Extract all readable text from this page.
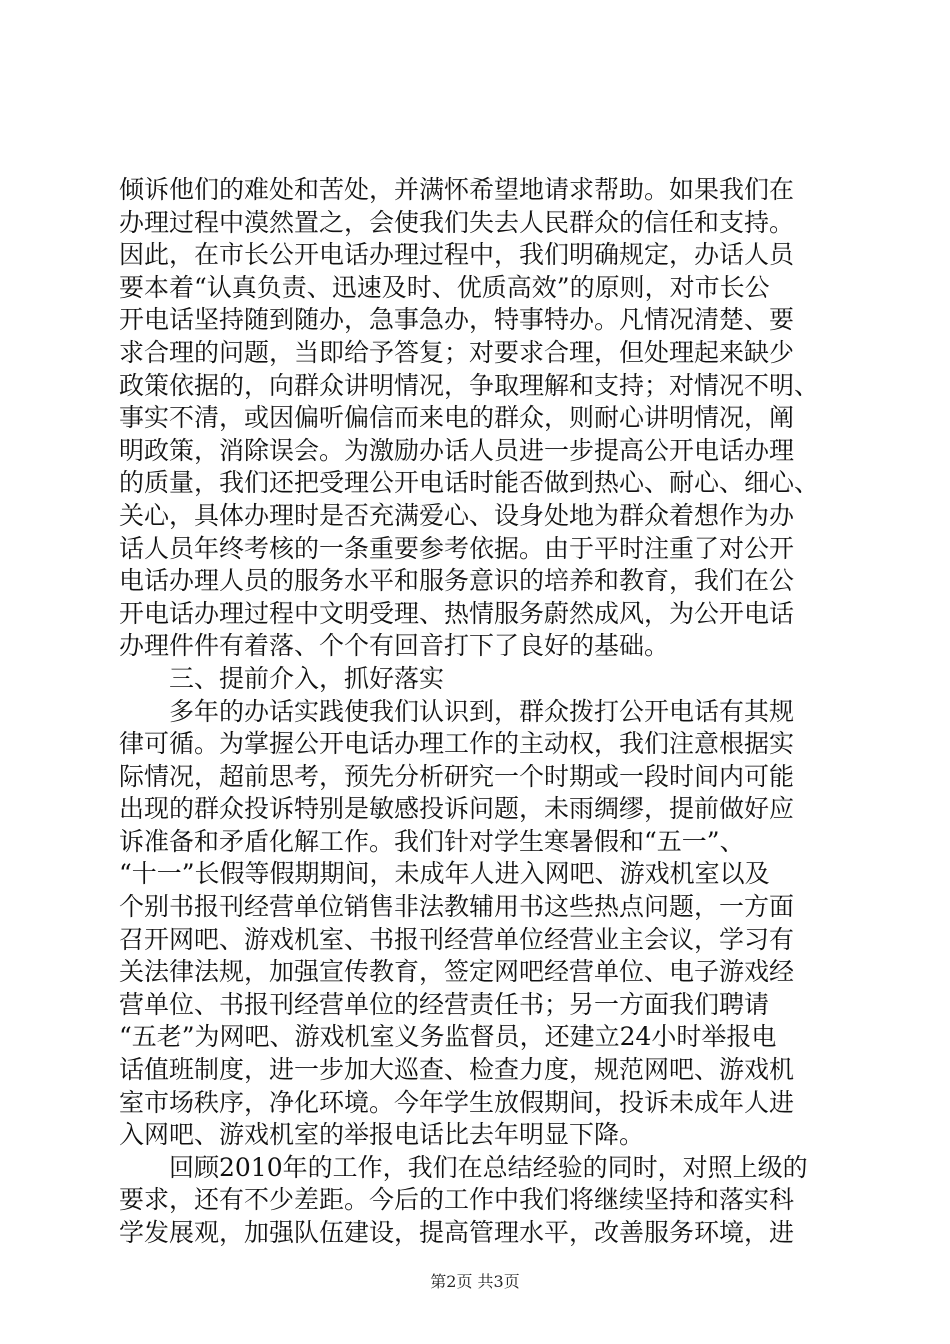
倾诉他们的难处和苦处，并满怀希望地请求帮助。如果我们在
办理过程中漠然置之，会使我们失去人民群众的信任和支持。
因此，在市长公开电话办理过程中，我们明确规定，办话人员
要本着“认真负责、迅速及时、优质高效”的原则，对市长公
开电话坚持随到随办，急事急办，特事特办。凡情况清楚、要
求合理的问题，当即给予答复；对要求合理，但处理起来缺少
政策依据的，向群众讲明情况，争取理解和支持；对情况不明、
事实不清，或因偏听偏信而来电的群众，则耐心讲明情况，阐
明政策，消除误会。为激励办话人员进一步提高公开电话办理
的质量，我们还把受理公开电话时能否做到热心、耐心、细心、
关心，具体办理时是否充满爱心、设身处地为群众着想作为办
话人员年终考核的一条重要参考依据。由于平时注重了对公开
电话办理人员的服务水平和服务意识的培养和教育，我们在公
开电话办理过程中文明受理、热情服务蔚然成风，为公开电话
办理件件有着落、个个有回音打下了良好的基础。
　　三、提前介入，抓好落实
　　多年的办话实践使我们认识到，群众拨打公开电话有其规
律可循。为掌握公开电话办理工作的主动权，我们注意根据实
际情况，超前思考，预先分析研究一个时期或一段时间内可能
出现的群众投诉特别是敏感投诉问题，未雨绸缪，提前做好应
诉准备和矛盾化解工作。我们针对学生寒暑假和“五一”、
“十一”长假等假期期间，未成年人进入网吧、游戏机室以及
个别书报刊经营单位销售非法教辅用书这些热点问题，一方面
召开网吧、游戏机室、书报刊经营单位经营业主会议，学习有
关法律法规，加强宣传教育，签定网吧经营单位、电子游戏经
营单位、书报刊经营单位的经营责任书；另一方面我们聘请
“五老”为网吧、游戏机室义务监督员，还建立24小时举报电
话值班制度，进一步加大巡查、检查力度，规范网吧、游戏机
室市场秩序，净化环境。今年学生放假期间，投诉未成年人进
入网吧、游戏机室的举报电话比去年明显下降。
　　回顾2010年的工作，我们在总结经验的同时，对照上级的
要求，还有不少差距。今后的工作中我们将继续坚持和落实科
学发展观，加强队伍建设，提高管理水平，改善服务环境，进
第2页 共3页
